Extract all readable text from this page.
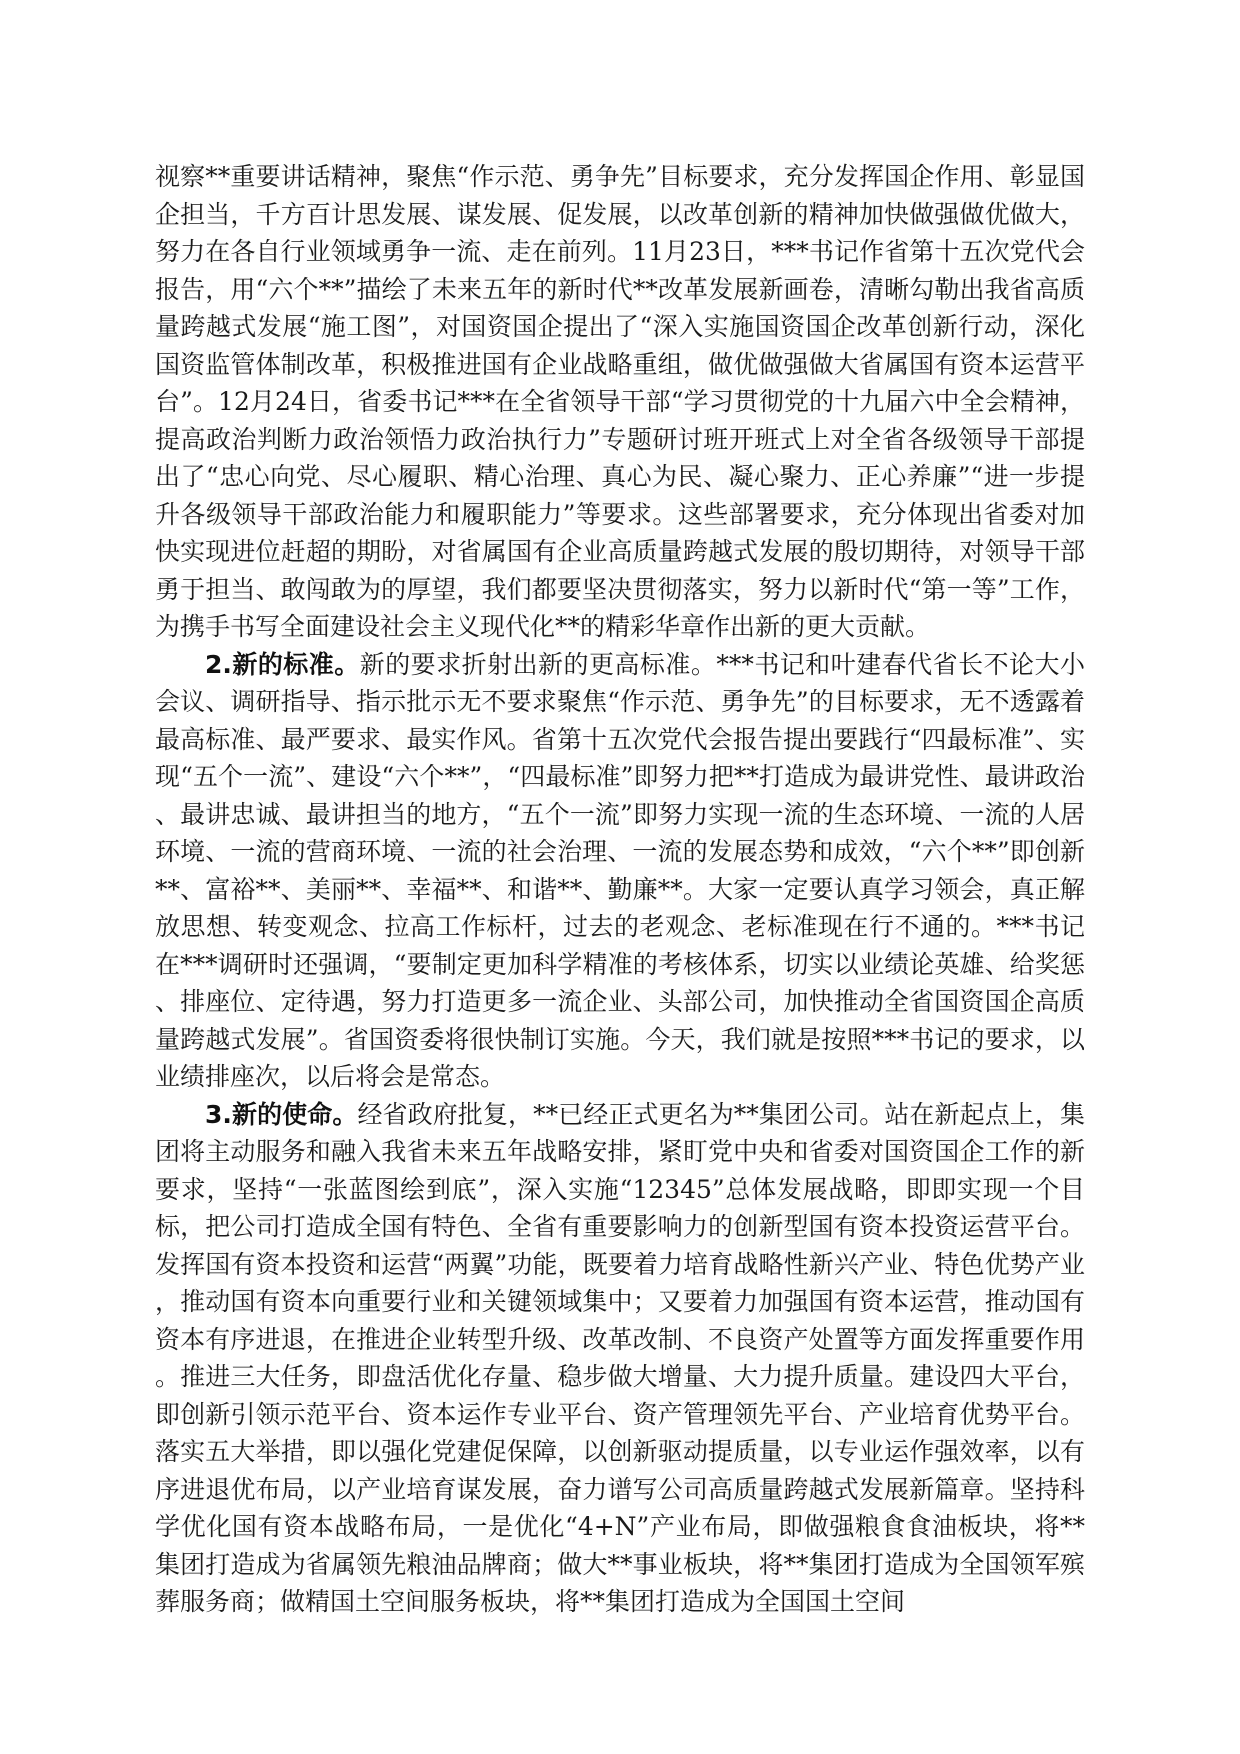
视察**重要讲话精神，聚焦“作示范、勇争先”目标要求，充分发挥国企作用、彰显国企担当，千方百计思发展、谋发展、促发展，以改革创新的精神加快做强做优做大，努力在各自行业领域勇争一流、走在前列。11月23日，***书记作省第十五次党代会报告，用“六个**”描绘了未来五年的新时代**改革发展新画卷，清晰勾勒出我省高质量跨越式发展“施工图”，对国资国企提出了“深入实施国资国企改革创新行动，深化国资监管体制改革，积极推进国有企业战略重组，做优做强做大省属国有资本运营平台”。12月24日，省委书记***在全省领导干部“学习贯彻党的十九届六中全会精神，提高政治判断力政治领悟力政治执行力”专题研讨班开班式上对全省各级领导干部提出了“忠心向党、尽心履职、精心治理、真心为民、凝心聚力、正心养廉”“进一步提升各级领导干部政治能力和履职能力”等要求。这些部署要求，充分体现出省委对加快实现进位赶超的期盼，对省属国有企业高质量跨越式发展的殷切期待，对领导干部勇于担当、敢闯敢为的厚望，我们都要坚决贯彻落实，努力以新时代“第一等”工作，为携手书写全面建设社会主义现代化**的精彩华章作出新的更大贡献。

2.新的标准。新的要求折射出新的更高标准。***书记和叶建春代省长不论大小会议、调研指导、指示批示无不要求聚焦“作示范、勇争先”的目标要求，无不透露着最高标准、最严要求、最实作风。省第十五次党代会报告提出要践行“四最标准”、实现“五个一流”、建设“六个**”，“四最标准”即努力把**打造成为最讲党性、最讲政治、最讲忠诚、最讲担当的地方，“五个一流”即努力实现一流的生态环境、一流的人居环境、一流的营商环境、一流的社会治理、一流的发展态势和成效，“六个**”即创新**、富裕**、美丽**、幸福**、和谐**、勤廉**。大家一定要认真学习领会，真正解放思想、转变观念、拉高工作标杆，过去的老观念、老标准现在行不通的。***书记在***调研时还强调，“要制定更加科学精准的考核体系，切实以业绩论英雄、给奖惩、排座位、定待遇，努力打造更多一流企业、头部公司，加快推动全省国资国企高质量跨越式发展”。省国资委将很快制订实施。今天，我们就是按照***书记的要求，以业绩排座次，以后将会是常态。

3.新的使命。经省政府批复，**已经正式更名为**集团公司。站在新起点上，集团将主动服务和融入我省未来五年战略安排，紧盯党中央和省委对国资国企工作的新要求，坚持“一张蓝图绘到底”，深入实施“12345”总体发展战略，即即实现一个目标，把公司打造成全国有特色、全省有重要影响力的创新型国有资本投资运营平台。发挥国有资本投资和运营“两翼”功能，既要着力培育战略性新兴产业、特色优势产业，推动国有资本向重要行业和关键领域集中；又要着力加强国有资本运营，推动国有资本有序进退，在推进企业转型升级、改革改制、不良资产处置等方面发挥重要作用。推进三大任务，即盘活优化存量、稳步做大增量、大力提升质量。建设四大平台，即创新引领示范平台、资本运作专业平台、资产管理领先平台、产业培育优势平台。落实五大举措，即以强化党建促保障，以创新驱动提质量，以专业运作强效率，以有序进退优布局，以产业培育谋发展，奋力谱写公司高质量跨越式发展新篇章。坚持科学优化国有资本战略布局，一是优化“4+N”产业布局，即做强粮食食油板块，将**集团打造成为省属领先粮油品牌商；做大**事业板块，将**集团打造成为全国领军殡葬服务商；做精国土空间服务板块，将**集团打造成为全国国土空间
